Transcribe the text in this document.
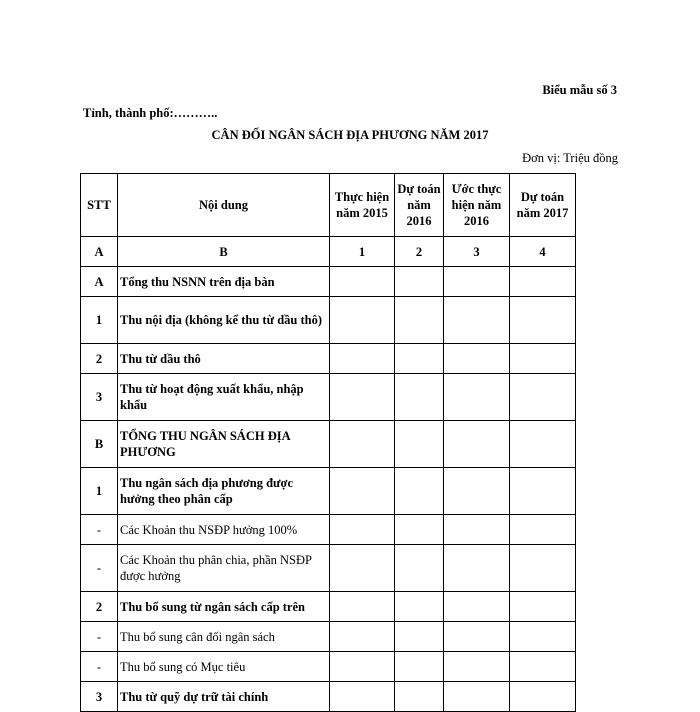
Biểu mẫu số 3
Tỉnh, thành phố:………..
CÂN ĐỐI NGÂN SÁCH ĐỊA PHƯƠNG NĂM 2017
Đơn vị: Triệu đồng
STT	Nội dung	Thực hiện năm 2015	Dự toán năm 2016	Ước thực hiện năm 2016	Dự toán năm 2017
A	B	1	2	3	4
A	Tổng thu NSNN trên địa bàn				
1	Thu nội địa (không kể thu từ dầu thô)				
2	Thu từ dầu thô				
3	Thu từ hoạt động xuất khẩu, nhập khẩu				
B	TỔNG THU NGÂN SÁCH ĐỊA PHƯƠNG				
1	Thu ngân sách địa phương được hưởng theo phân cấp				
-	Các Khoản thu NSĐP hưởng 100%				
-	Các Khoản thu phân chia, phần NSĐP được hưởng				
2	Thu bổ sung từ ngân sách cấp trên				
-	Thu bổ sung cân đối ngân sách				
-	Thu bổ sung có Mục tiêu				
3	Thu từ quỹ dự trữ tài chính				
